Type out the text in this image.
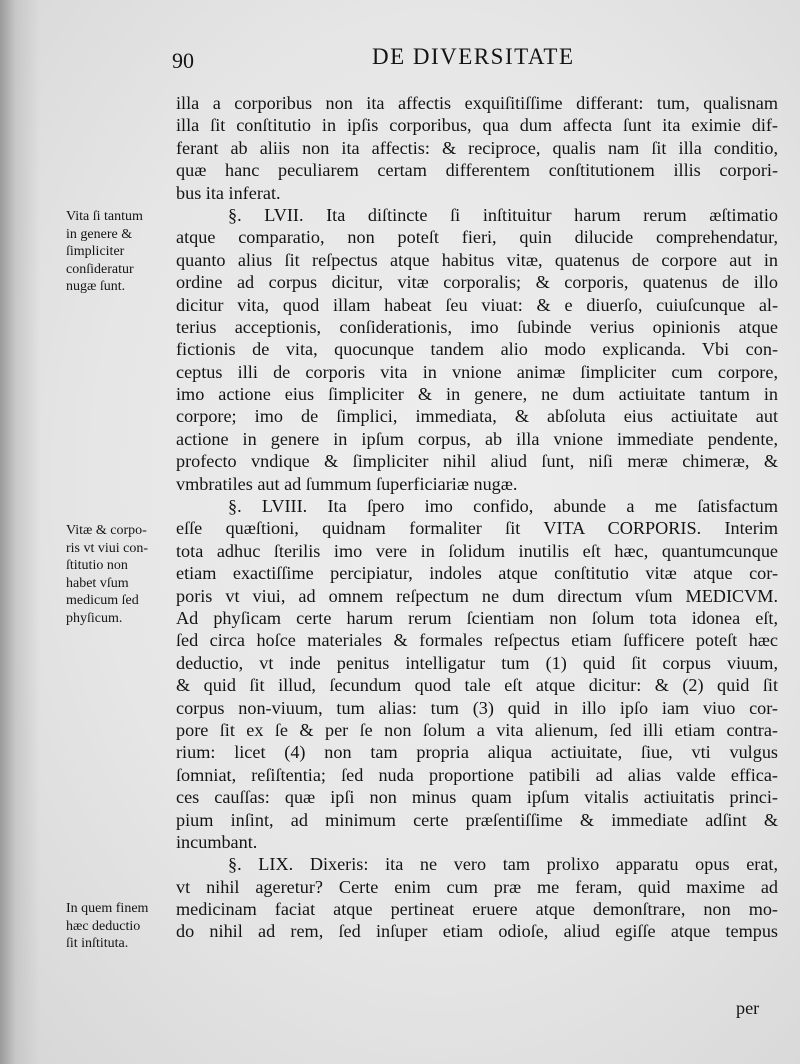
90	DE DIVERSITATE
Vita ſi tantum
in genere &
ſimpliciter
conſideratur
nugæ ſunt.
Vitæ & corpo-
ris vt viui con-
ſtitutio non
habet vſum
medicum ſed
phyſicum.
In quem finem
hæc deductio
ſit inſtituta.
illa a corporibus non ita affectis exquiſitiſſime differant: tum, qualisnam
illa ſit conſtitutio in ipſis corporibus, qua dum affecta ſunt ita eximie dif-
ferant ab aliis non ita affectis: & reciproce, qualis nam ſit illa conditio,
quæ hanc peculiarem certam differentem conſtitutionem illis corpori-
bus ita inferat.
§. LVII. Ita diſtincte ſi inſtituitur harum rerum æſtimatio
atque comparatio, non poteſt fieri, quin dilucide comprehendatur,
quanto alius ſit reſpectus atque habitus vitæ, quatenus de corpore aut in
ordine ad corpus dicitur, vitæ corporalis; & corporis, quatenus de illo
dicitur vita, quod illam habeat ſeu viuat: & e diuerſo, cuiuſcunque al-
terius acceptionis, conſiderationis, imo ſubinde verius opinionis atque
fictionis de vita, quocunque tandem alio modo explicanda. Vbi con-
ceptus illi de corporis vita in vnione animæ ſimpliciter cum corpore,
imo actione eius ſimpliciter & in genere, ne dum actiuitate tantum in
corpore; imo de ſimplici, immediata, & abſoluta eius actiuitate aut
actione in genere in ipſum corpus, ab illa vnione immediate pendente,
profecto vndique & ſimpliciter nihil aliud ſunt, niſi meræ chimeræ, &
vmbratiles aut ad ſummum ſuperficiariæ nugæ.
§. LVIII. Ita ſpero imo confido, abunde a me ſatisfactum
eſſe quæſtioni, quidnam formaliter ſit VITA CORPORIS. Interim
tota adhuc ſterilis imo vere in ſolidum inutilis eſt hæc, quantumcunque
etiam exactiſſime percipiatur, indoles atque conſtitutio vitæ atque cor-
poris vt viui, ad omnem reſpectum ne dum directum vſum MEDICVM.
Ad phyſicam certe harum rerum ſcientiam non ſolum tota idonea eſt,
ſed circa hoſce materiales & formales reſpectus etiam ſufficere poteſt hæc
deductio, vt inde penitus intelligatur tum (1) quid ſit corpus viuum,
& quid ſit illud, ſecundum quod tale eſt atque dicitur: & (2) quid ſit
corpus non-viuum, tum alias: tum (3) quid in illo ipſo iam viuo cor-
pore ſit ex ſe & per ſe non ſolum a vita alienum, ſed illi etiam contra-
rium: licet (4) non tam propria aliqua actiuitate, ſiue, vti vulgus
ſomniat, reſiſtentia; ſed nuda proportione patibili ad alias valde effica-
ces cauſſas: quæ ipſi non minus quam ipſum vitalis actiuitatis princi-
pium inſint, ad minimum certe præſentiſſime & immediate adſint &
incumbant.
§. LIX. Dixeris: ita ne vero tam prolixo apparatu opus erat,
vt nihil ageretur? Certe enim cum præ me feram, quid maxime ad
medicinam faciat atque pertineat eruere atque demonſtrare, non mo-
do nihil ad rem, ſed inſuper etiam odioſe, aliud egiſſe atque tempus
per
